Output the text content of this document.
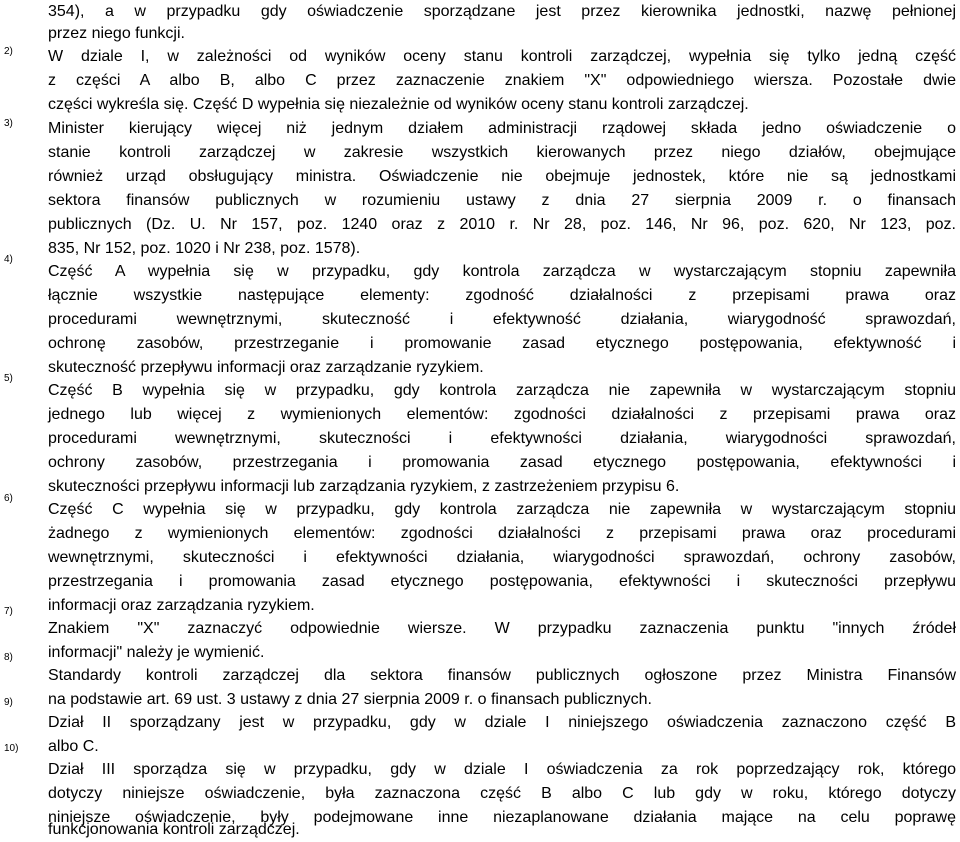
354), a w przypadku gdy oświadczenie sporządzane jest przez kierownika jednostki, nazwę pełnionej
przez niego funkcji.
2) W dziale I, w zależności od wyników oceny stanu kontroli zarządczej, wypełnia się tylko jedną część
z części A albo B, albo C przez zaznaczenie znakiem "X" odpowiedniego wiersza. Pozostałe dwie
części wykreśla się. Część D wypełnia się niezależnie od wyników oceny stanu kontroli zarządczej.
3) Minister kierujący więcej niż jednym działem administracji rządowej składa jedno oświadczenie o
stanie kontroli zarządczej w zakresie wszystkich kierowanych przez niego działów, obejmujące
również urząd obsługujący ministra. Oświadczenie nie obejmuje jednostek, które nie są jednostkami
sektora finansów publicznych w rozumieniu ustawy z dnia 27 sierpnia 2009 r. o finansach
publicznych (Dz. U. Nr 157, poz. 1240 oraz z 2010 r. Nr 28, poz. 146, Nr 96, poz. 620, Nr 123, poz.
835, Nr 152, poz. 1020 i Nr 238, poz. 1578).
4)
Część A wypełnia się w przypadku, gdy kontrola zarządcza w wystarczającym stopniu zapewniła
łącznie wszystkie następujące elementy: zgodność działalności z przepisami prawa oraz
procedurami wewnętrznymi, skuteczność i efektywność działania, wiarygodność sprawozdań,
ochronę zasobów, przestrzeganie i promowanie zasad etycznego postępowania, efektywność i
skuteczność przepływu informacji oraz zarządzanie ryzykiem.
5)
Część B wypełnia się w przypadku, gdy kontrola zarządcza nie zapewniła w wystarczającym stopniu
jednego lub więcej z wymienionych elementów: zgodności działalności z przepisami prawa oraz
procedurami wewnętrznymi, skuteczności i efektywności działania, wiarygodności sprawozdań,
ochrony zasobów, przestrzegania i promowania zasad etycznego postępowania, efektywności i
skuteczności przepływu informacji lub zarządzania ryzykiem, z zastrzeżeniem przypisu 6.
6)
Część C wypełnia się w przypadku, gdy kontrola zarządcza nie zapewniła w wystarczającym stopniu
żadnego z wymienionych elementów: zgodności działalności z przepisami prawa oraz procedurami
wewnętrznymi, skuteczności i efektywności działania, wiarygodności sprawozdań, ochrony zasobów,
przestrzegania i promowania zasad etycznego postępowania, efektywności i skuteczności przepływu
informacji oraz zarządzania ryzykiem.
7)
Znakiem "X" zaznaczyć odpowiednie wiersze. W przypadku zaznaczenia punktu "innych źródeł
informacji" należy je wymienić.
8)
Standardy kontroli zarządczej dla sektora finansów publicznych ogłoszone przez Ministra Finansów
na podstawie art. 69 ust. 3 ustawy z dnia 27 sierpnia 2009 r. o finansach publicznych.
9)
Dział II sporządzany jest w przypadku, gdy w dziale I niniejszego oświadczenia zaznaczono część B
albo C.
10)
Dział III sporządza się w przypadku, gdy w dziale I oświadczenia za rok poprzedzający rok, którego
dotyczy niniejsze oświadczenie, była zaznaczona część B albo C lub gdy w roku, którego dotyczy
niniejsze oświadczenie, były podejmowane inne niezaplanowane działania mające na celu poprawę
funkcjonowania kontroli zarządczej.
